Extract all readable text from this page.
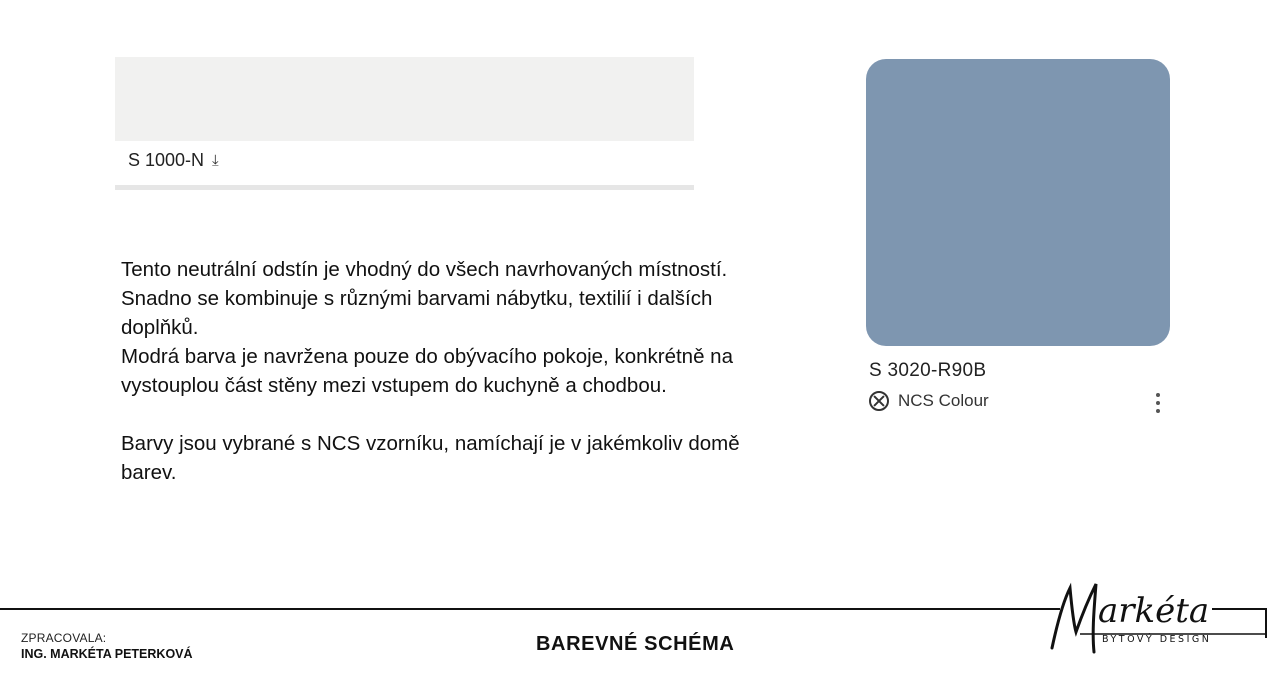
S 1000-N ⤓

Tento neutrální odstín je vhodný do všech navrhovaných místností.

Snadno se kombinuje s různými barvami nábytku, textilií i dalších

doplňků.

Modrá barva je navržena pouze do obývacího pokoje, konkrétně na

vystouplou část stěny mezi vstupem do kuchyně a chodbou.

Barvy jsou vybrané s NCS vzorníku, namíchají je v jakémkoliv domě

barev.

S 3020-R90B
NCS Colour
ZPRACOVALA:
ING. MARKÉTA PETERKOVÁ	BAREVNÉ SCHÉMA
arkéta
BYTOVÝ DESIGN
